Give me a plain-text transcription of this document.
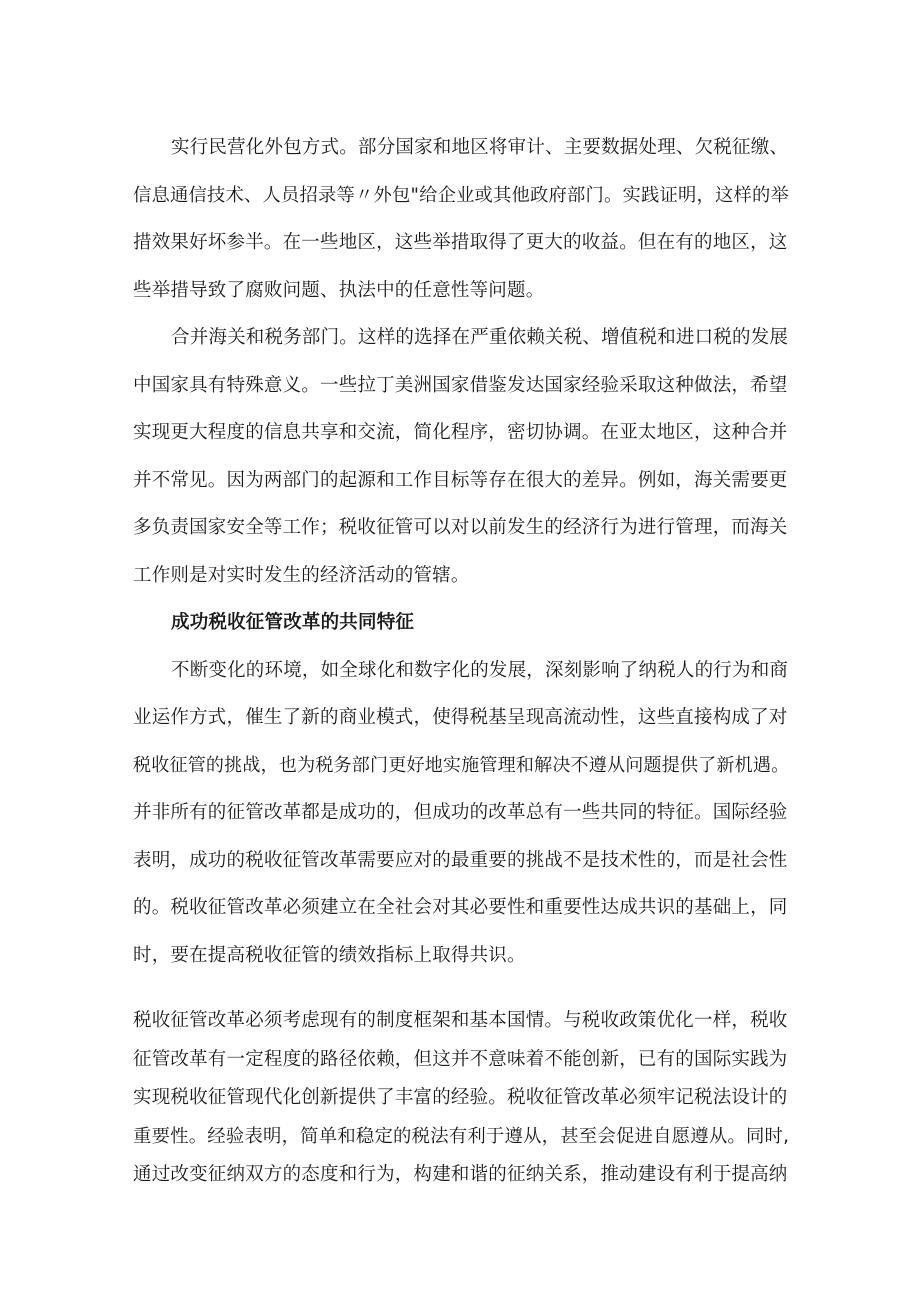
实行民营化外包方式。部分国家和地区将审计、主要数据处理、欠税征缴、
信息通信技术、人员招录等〃外包"给企业或其他政府部门。实践证明，这样的举
措效果好坏参半。在一些地区，这些举措取得了更大的收益。但在有的地区，这
些举措导致了腐败问题、执法中的任意性等问题。
合并海关和税务部门。这样的选择在严重依赖关税、增值税和进口税的发展
中国家具有特殊意义。一些拉丁美洲国家借鉴发达国家经验采取这种做法，希望
实现更大程度的信息共享和交流，简化程序，密切协调。在亚太地区，这种合并
并不常见。因为两部门的起源和工作目标等存在很大的差异。例如，海关需要更
多负责国家安全等工作；税收征管可以对以前发生的经济行为进行管理，而海关
工作则是对实时发生的经济活动的管辖。
成功税收征管改革的共同特征
不断变化的环境，如全球化和数字化的发展，深刻影响了纳税人的行为和商
业运作方式，催生了新的商业模式，使得税基呈现高流动性，这些直接构成了对
税收征管的挑战，也为税务部门更好地实施管理和解决不遵从问题提供了新机遇。
并非所有的征管改革都是成功的，但成功的改革总有一些共同的特征。国际经验
表明，成功的税收征管改革需要应对的最重要的挑战不是技术性的，而是社会性
的。税收征管改革必须建立在全社会对其必要性和重要性达成共识的基础上，同
时，要在提高税收征管的绩效指标上取得共识。
税收征管改革必须考虑现有的制度框架和基本国情。与税收政策优化一样，税收
征管改革有一定程度的路径依赖，但这并不意味着不能创新，已有的国际实践为
实现税收征管现代化创新提供了丰富的经验。税收征管改革必须牢记税法设计的
重要性。经验表明，简单和稳定的税法有利于遵从，甚至会促进自愿遵从。同时,
通过改变征纳双方的态度和行为，构建和谐的征纳关系，推动建设有利于提高纳
